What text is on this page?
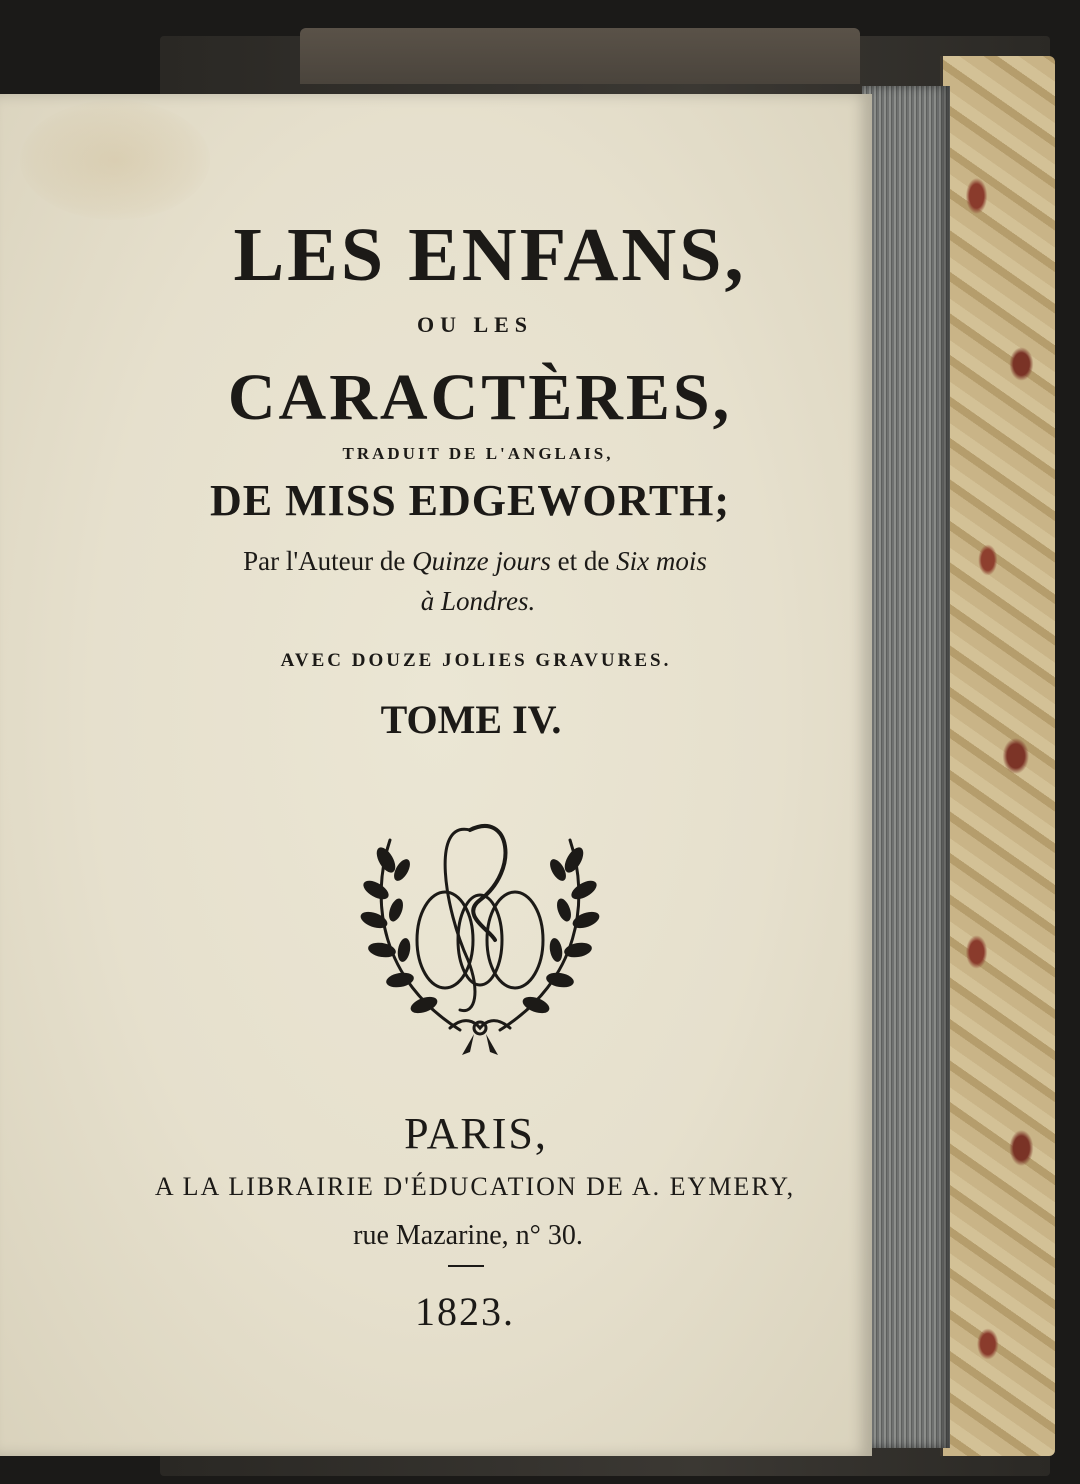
LES ENFANS,
OU LES
CARACTÈRES,
TRADUIT DE L'ANGLAIS,
DE MISS EDGEWORTH;
Par l'Auteur de Quinze jours et de Six mois
à Londres.
AVEC DOUZE JOLIES GRAVURES.
TOME IV.
PARIS,
A LA LIBRAIRIE D'ÉDUCATION DE A. EYMERY,
rue Mazarine, n° 30.
1823.
